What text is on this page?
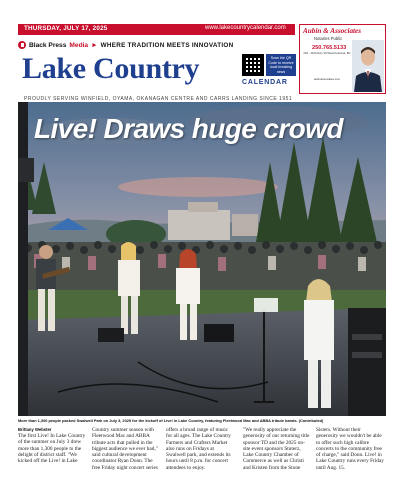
THURSDAY, JULY 17, 2025	www.lakecountrycalendar.com
Black Press Media ► WHERE TRADITION MEETS INNOVATION
Lake Country	Scan the QR Code to receive local breaking news
CALENDAR
Aubin & Associates
Notaries Public
250.765.5133
202 - 1100 Hwy 33 West Kelowna, BC
aubinassociates.com
PROUDLY SERVING WINFIELD, OYAMA, OKANAGAN CENTRE AND CARRS LANDING SINCE 1951
Live! Draws huge crowd
More than 1,300 people packed Swalwell Park on July 3, 2025 for the kickoff of Live! in Lake Country, featuring Fleetwood Mac and ABBA tribute bands. (Contributed)
Brittany Webster
The first Live! In Lake Country of the summer on July 3 drew more than 1,300 people to the delight of district staff. "We kicked off the Live! in Lake
Country summer season with Fleetwood Mac and ABBA tribute acts that pulled in the biggest audience we ever had," said cultural development coordinator Ryan Donn. The free Friday night concert series
offers a broad range of music for all ages. The Lake Country Farmers and Crafters Market also runs on Fridays at Swalwell park, and extends its hours until 8 p.m. for concert attendees to enjoy.
"We really appreciate the generosity of our returning title sponsor TD and the 2025 on-site event sponsors Stuterz, Lake Country Chamber of Commerce as well as Christi and Kristen from the Stone
Sisters. Without their generosity we wouldn't be able to offer such high calibre concerts to the community free of charge," said Donn. Live! in Lake Country runs every Friday until Aug. 15.
